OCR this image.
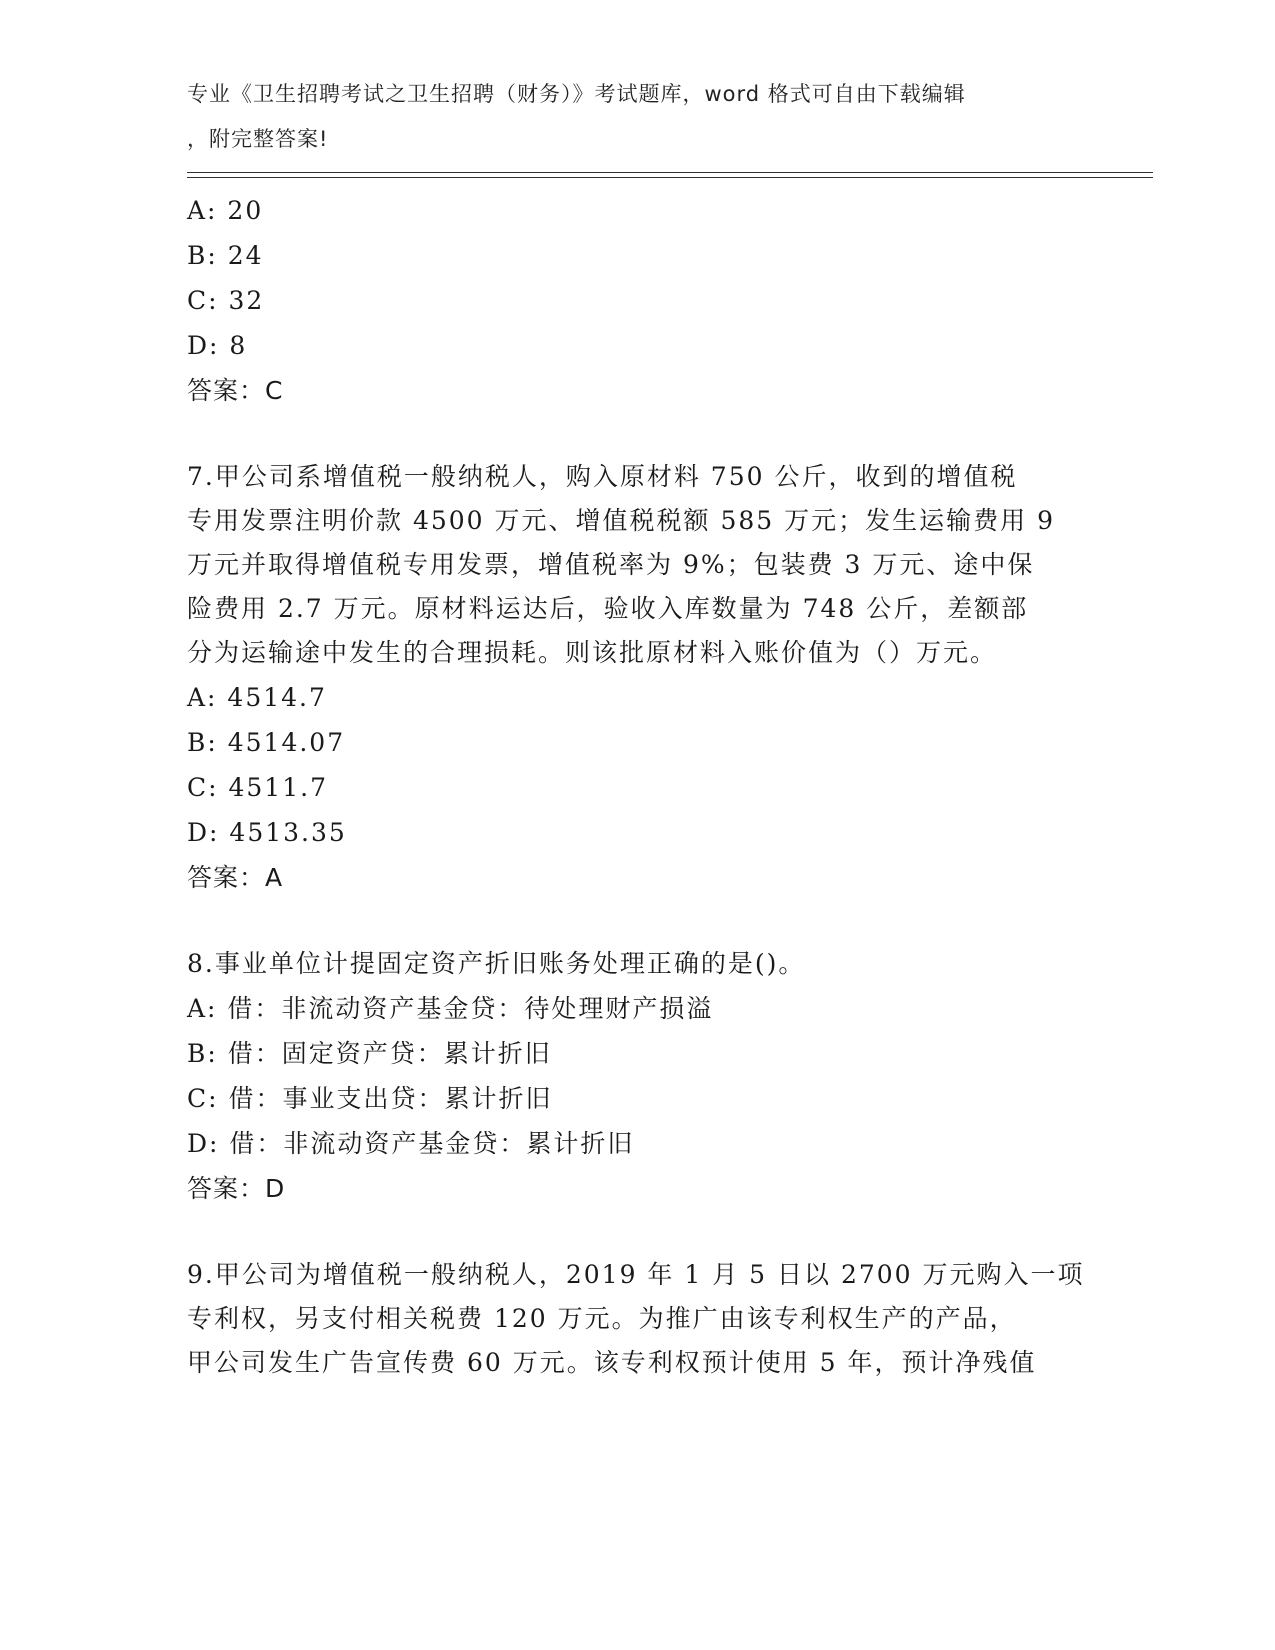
专业《卫生招聘考试之卫生招聘（财务）》考试题库，word 格式可自由下载编辑
，附完整答案!
A: 20
B: 24
C: 32
D: 8
答案：C
7.甲公司系增值税一般纳税人，购入原材料 750 公斤，收到的增值税
专用发票注明价款 4500 万元、增值税税额 585 万元；发生运输费用 9
万元并取得增值税专用发票，增值税率为 9%；包装费 3 万元、途中保
险费用 2.7 万元。原材料运达后，验收入库数量为 748 公斤，差额部
分为运输途中发生的合理损耗。则该批原材料入账价值为（）万元。
A: 4514.7
B: 4514.07
C: 4511.7
D: 4513.35
答案：A
8.事业单位计提固定资产折旧账务处理正确的是()。
A: 借：非流动资产基金贷：待处理财产损溢
B: 借：固定资产贷：累计折旧
C: 借：事业支出贷：累计折旧
D: 借：非流动资产基金贷：累计折旧
答案：D
9.甲公司为增值税一般纳税人，2019 年 1 月 5 日以 2700 万元购入一项
专利权，另支付相关税费 120 万元。为推广由该专利权生产的产品，
甲公司发生广告宣传费 60 万元。该专利权预计使用 5 年，预计净残值
